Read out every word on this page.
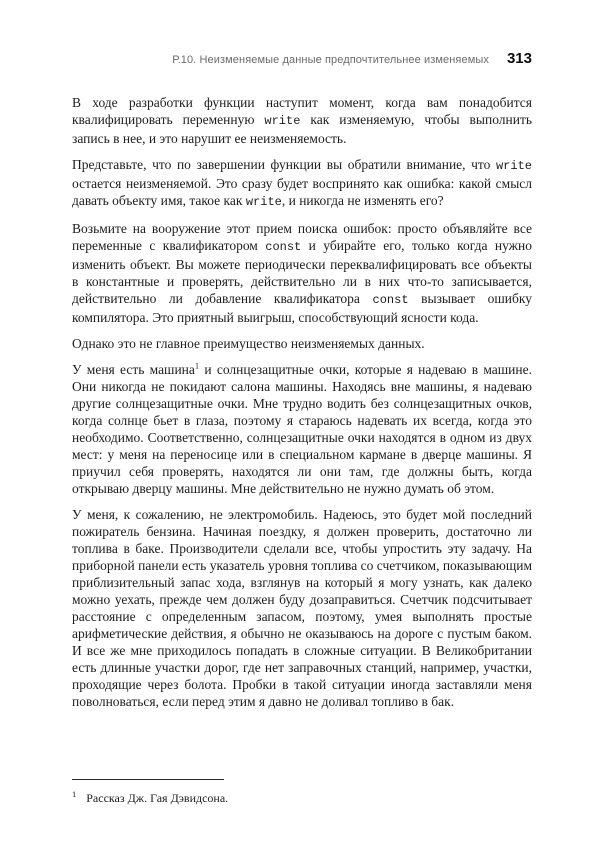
Р.10. Неизменяемые данные предпочтительнее изменяемых 313

В ходе разработки функции наступит момент, когда вам понадобится квалифицировать переменную write как изменяемую, чтобы выполнить запись в нее, и это нарушит ее неизменяемость.

Представьте, что по завершении функции вы обратили внимание, что write остается неизменяемой. Это сразу будет воспринято как ошибка: какой смысл давать объекту имя, такое как write, и никогда не изменять его?

Возьмите на вооружение этот прием поиска ошибок: просто объявляйте все переменные с квалификатором const и убирайте его, только когда нужно изменить объект. Вы можете периодически переквалифицировать все объекты в константные и проверять, действительно ли в них что-то записывается, действительно ли добавление квалификатора const вызывает ошибку компилятора. Это приятный выигрыш, способствующий ясности кода.

Однако это не главное преимущество неизменяемых данных.

У меня есть машина$^1$ и солнцезащитные очки, которые я надеваю в машине. Они никогда не покидают салона машины. Находясь вне машины, я надеваю другие солнцезащитные очки. Мне трудно водить без солнцезащитных очков, когда солнце бьет в глаза, поэтому я стараюсь надевать их всегда, когда это необходимо. Соответственно, солнцезащитные очки находятся в одном из двух мест: у меня на переносице или в специальном кармане в дверце машины. Я приучил себя проверять, находятся ли они там, где должны быть, когда открываю дверцу машины. Мне действительно не нужно думать об этом.

У меня, к сожалению, не электромобиль. Надеюсь, это будет мой последний пожиратель бензина. Начиная поездку, я должен проверить, достаточно ли топлива в баке. Производители сделали все, чтобы упростить эту задачу. На приборной панели есть указатель уровня топлива со счетчиком, показывающим приблизительный запас хода, взглянув на который я могу узнать, как далеко можно уехать, прежде чем должен буду дозаправиться. Счетчик подсчитывает расстояние с определенным запасом, поэтому, умея выполнять простые арифметические действия, я обычно не оказываюсь на дороге с пустым баком. И все же мне приходилось попадать в сложные ситуации. В Великобритании есть длинные участки дорог, где нет заправочных станций, например, участки, проходящие через болота. Пробки в такой ситуации иногда заставляли меня поволноваться, если перед этим я давно не доливал топливо в бак.

$^1$ Рассказ Дж. Гая Дэвидсона.
